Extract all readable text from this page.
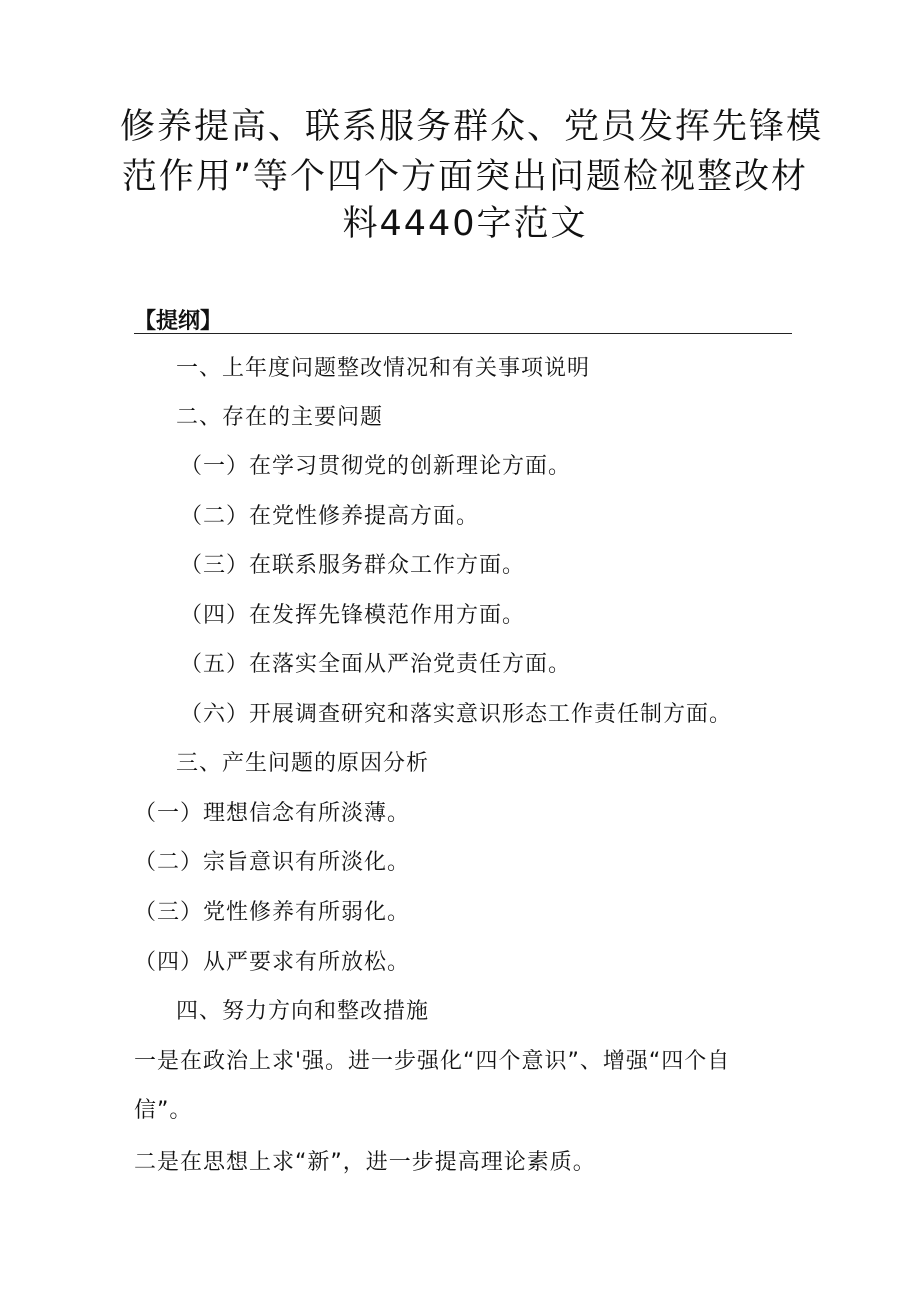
修养提高、联系服务群众、党员发挥先锋模
范作用”等个四个方面突出问题检视整改材
料4440字范文
【提纲】
一、上年度问题整改情况和有关事项说明
二、存在的主要问题
（一）在学习贯彻党的创新理论方面。
（二）在党性修养提高方面。
（三）在联系服务群众工作方面。
（四）在发挥先锋模范作用方面。
（五）在落实全面从严治党责任方面。
（六）开展调查研究和落实意识形态工作责任制方面。
三、产生问题的原因分析
（一）理想信念有所淡薄。
（二）宗旨意识有所淡化。
（三）党性修养有所弱化。
（四）从严要求有所放松。
四、努力方向和整改措施
一是在政治上求'强。进一步强化“四个意识”、增强“四个自
信”。
二是在思想上求“新”，进一步提高理论素质。
